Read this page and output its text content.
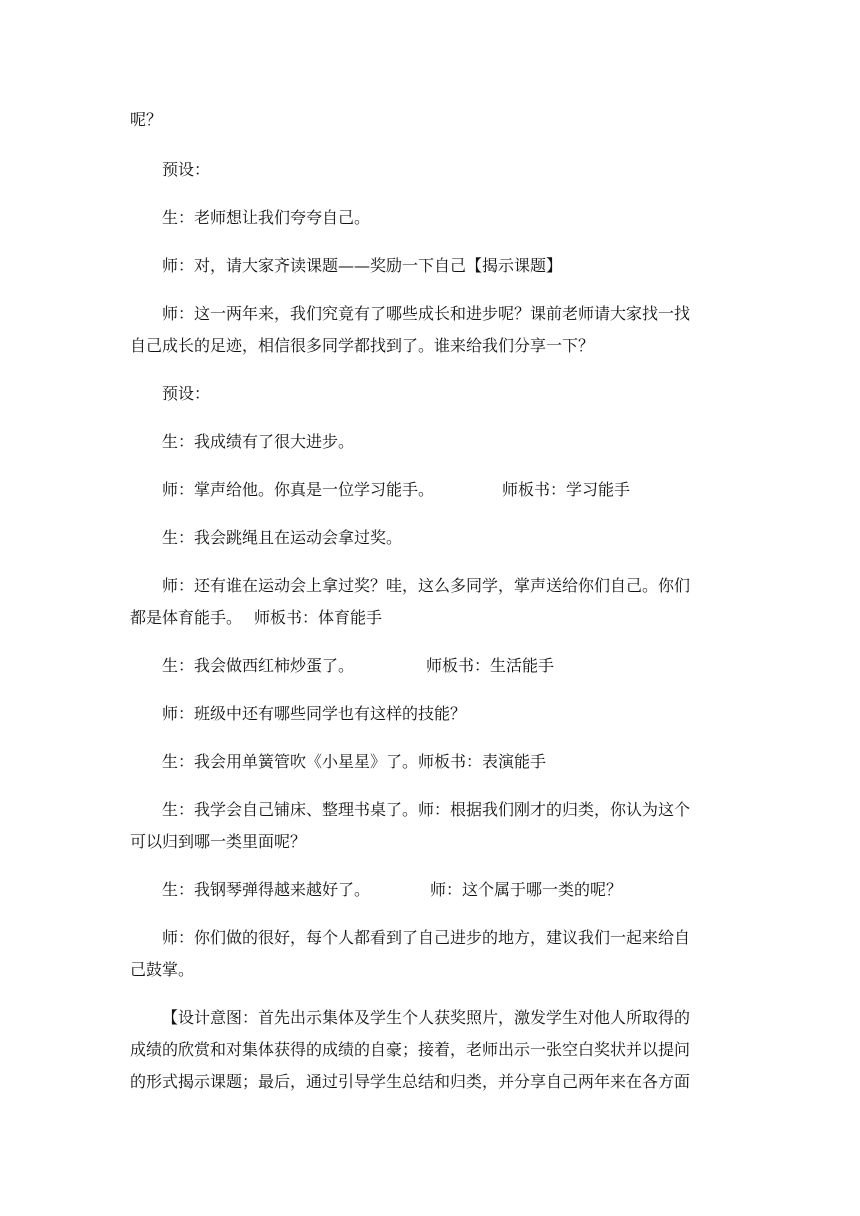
呢？
预设：
生：老师想让我们夸夸自己。
师：对，请大家齐读课题——奖励一下自己【揭示课题】
师：这一两年来，我们究竟有了哪些成长和进步呢？课前老师请大家找一找
自己成长的足迹，相信很多同学都找到了。谁来给我们分享一下？
预设：
生：我成绩有了很大进步。
师：掌声给他。你真是一位学习能手。	师板书：学习能手
生：我会跳绳且在运动会拿过奖。
师：还有谁在运动会上拿过奖？哇，这么多同学，掌声送给你们自己。你们
都是体育能手。 师板书：体育能手
生：我会做西红柿炒蛋了。	师板书：生活能手
师：班级中还有哪些同学也有这样的技能？
生：我会用单簧管吹《小星星》了。师板书：表演能手
生：我学会自己铺床、整理书桌了。师：根据我们刚才的归类，你认为这个
可以归到哪一类里面呢？
生：我钢琴弹得越来越好了。	师：这个属于哪一类的呢？
师：你们做的很好，每个人都看到了自己进步的地方，建议我们一起来给自
己鼓掌。
【设计意图：首先出示集体及学生个人获奖照片，激发学生对他人所取得的
成绩的欣赏和对集体获得的成绩的自豪；接着，老师出示一张空白奖状并以提问
的形式揭示课题；最后，通过引导学生总结和归类，并分享自己两年来在各方面
